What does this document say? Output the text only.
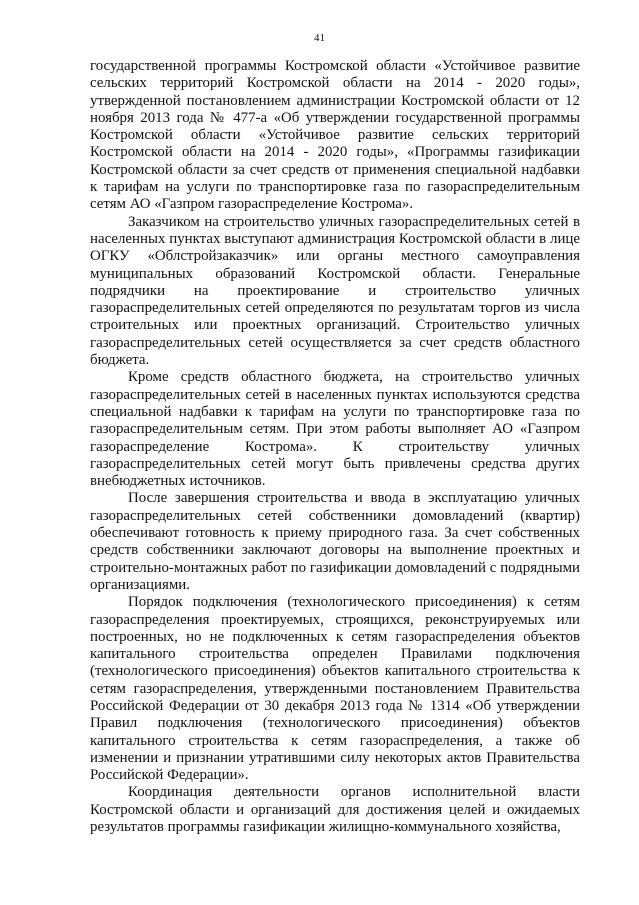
41

государственной программы Костромской области «Устойчивое развитие сельских территорий Костромской области на 2014 - 2020 годы», утвержденной постановлением администрации Костромской области от 12 ноября 2013 года № 477-а «Об утверждении государственной программы Костромской области «Устойчивое развитие сельских территорий Костромской области на 2014 - 2020 годы», «Программы газификации Костромской области за счет средств от применения специальной надбавки к тарифам на услуги по транспортировке газа по газораспределительным сетям АО «Газпром газораспределение Кострома».

Заказчиком на строительство уличных газораспределительных сетей в населенных пунктах выступают администрация Костромской области в лице ОГКУ «Облстройзаказчик» или органы местного самоуправления муниципальных образований Костромской области. Генеральные подрядчики на проектирование и строительство уличных газораспределительных сетей определяются по результатам торгов из числа строительных или проектных организаций. Строительство уличных газораспределительных сетей осуществляется за счет средств областного бюджета.

Кроме средств областного бюджета, на строительство уличных газораспределительных сетей в населенных пунктах используются средства специальной надбавки к тарифам на услуги по транспортировке газа по газораспределительным сетям. При этом работы выполняет АО «Газпром газораспределение Кострома». К строительству уличных газораспределительных сетей могут быть привлечены средства других внебюджетных источников.

После завершения строительства и ввода в эксплуатацию уличных газораспределительных сетей собственники домовладений (квартир) обеспечивают готовность к приему природного газа. За счет собственных средств собственники заключают договоры на выполнение проектных и строительно-монтажных работ по газификации домовладений с подрядными организациями.

Порядок подключения (технологического присоединения) к сетям газораспределения проектируемых, строящихся, реконструируемых или построенных, но не подключенных к сетям газораспределения объектов капитального строительства определен Правилами подключения (технологического присоединения) объектов капитального строительства к сетям газораспределения, утвержденными постановлением Правительства Российской Федерации от 30 декабря 2013 года № 1314 «Об утверждении Правил подключения (технологического присоединения) объектов капитального строительства к сетям газораспределения, а также об изменении и признании утратившими силу некоторых актов Правительства Российской Федерации».

Координация деятельности органов исполнительной власти Костромской области и организаций для достижения целей и ожидаемых результатов программы газификации жилищно-коммунального хозяйства,
